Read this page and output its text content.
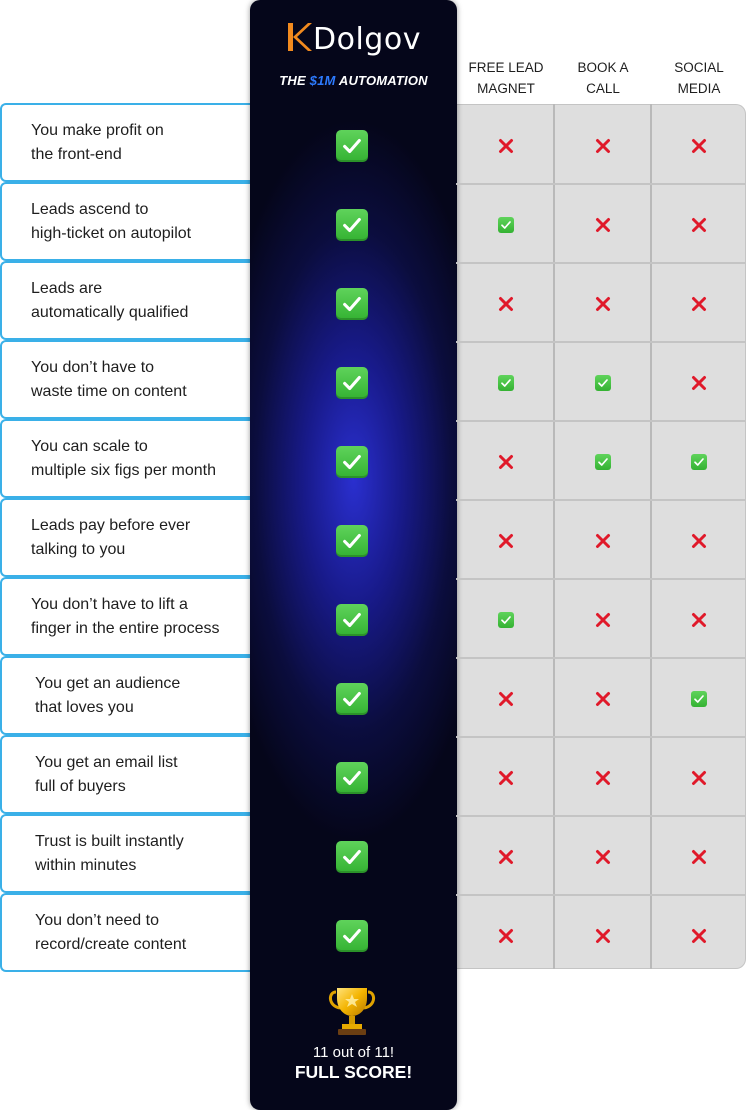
You make profit on
the front-end
Leads ascend to
high-ticket on autopilot
Leads are
automatically qualified
You don’t have to
waste time on content
You can scale to
multiple six figs per month
Leads pay before ever
talking to you
You don’t have to lift a
finger in the entire process
You get an audience
that loves you
You get an email list
full of buyers
Trust is built instantly
within minutes
You don’t need to
record/create content
Dolgov
THE $1M AUTOMATION
FREE LEAD
MAGNET
BOOK A
CALL
SOCIAL
MEDIA
11 out of 11!
FULL SCORE!
